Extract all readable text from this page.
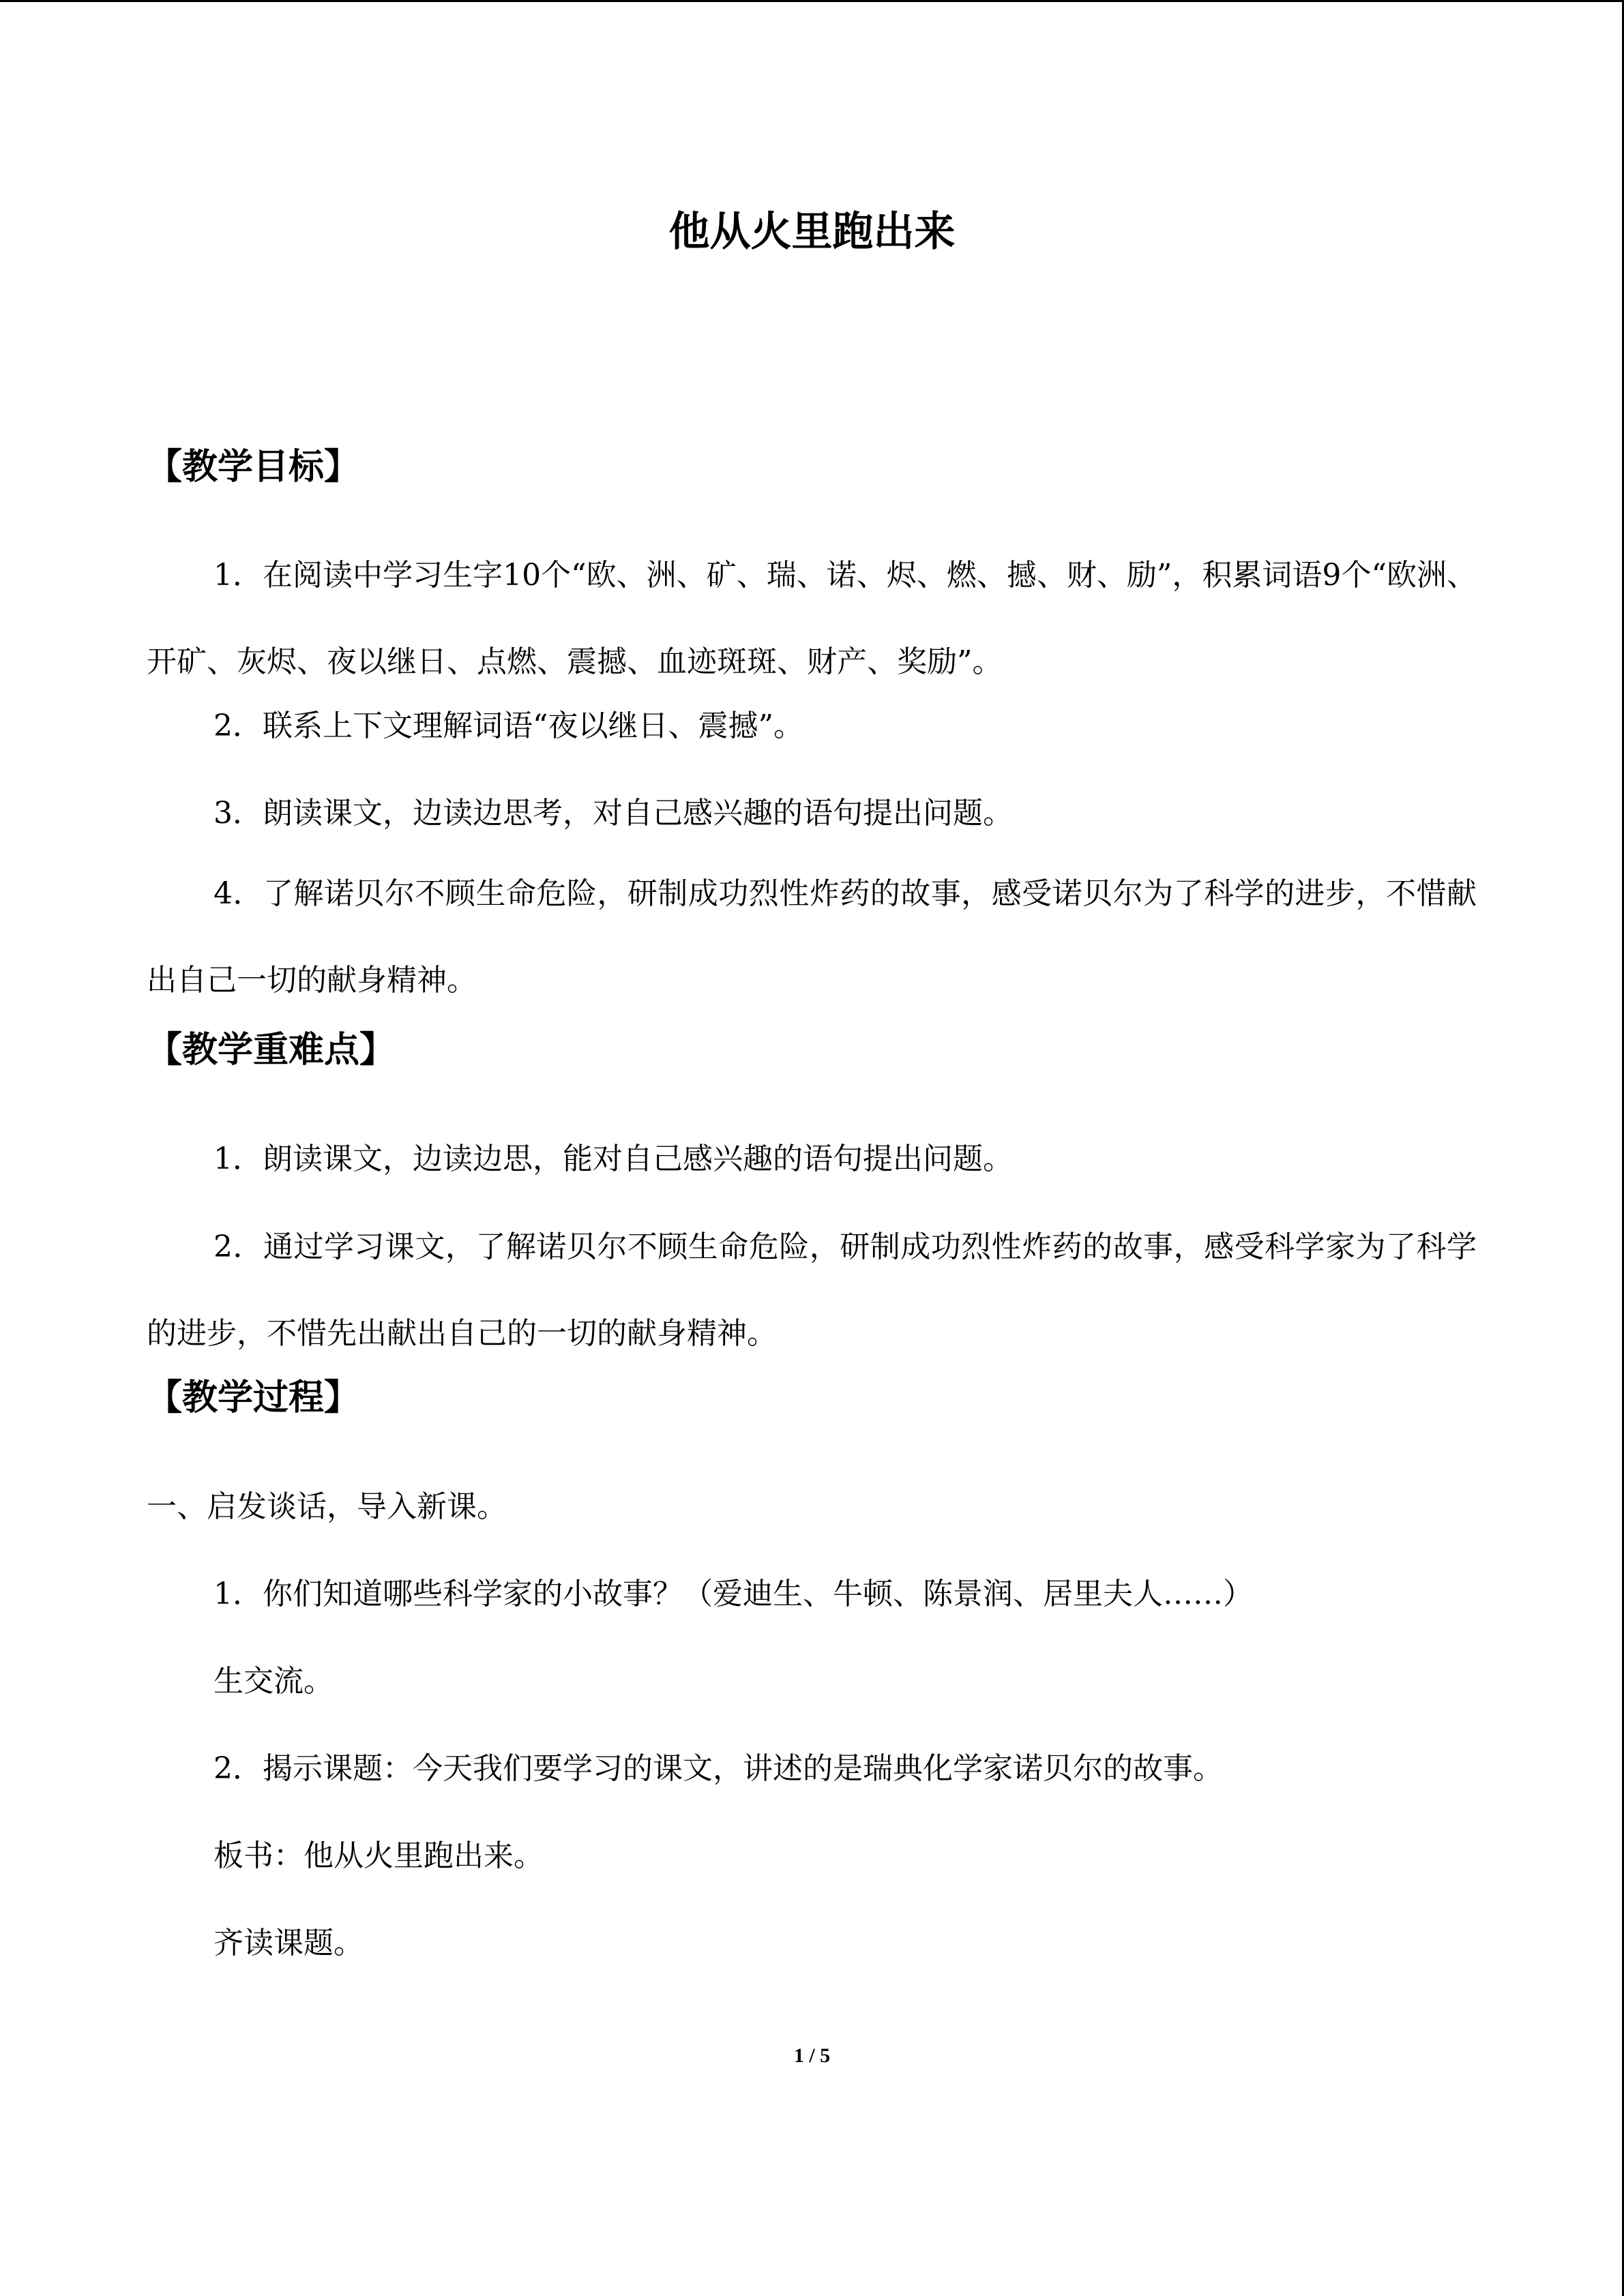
他从火里跑出来
【教学目标】

1．在阅读中学习生字10个“欧、洲、矿、瑞、诺、烬、燃、撼、财、励”，积累词语9个“欧洲、开矿、灰烬、夜以继日、点燃、震撼、血迹斑斑、财产、奖励”。

2．联系上下文理解词语“夜以继日、震撼”。

3．朗读课文，边读边思考，对自己感兴趣的语句提出问题。

4．了解诺贝尔不顾生命危险，研制成功烈性炸药的故事，感受诺贝尔为了科学的进步，不惜献出自己一切的献身精神。

【教学重难点】

1．朗读课文，边读边思，能对自己感兴趣的语句提出问题。

2．通过学习课文，了解诺贝尔不顾生命危险，研制成功烈性炸药的故事，感受科学家为了科学的进步，不惜先出献出自己的一切的献身精神。

【教学过程】

一、启发谈话，导入新课。

1．你们知道哪些科学家的小故事？（爱迪生、牛顿、陈景润、居里夫人……）

生交流。

2．揭示课题：今天我们要学习的课文，讲述的是瑞典化学家诺贝尔的故事。

板书：他从火里跑出来。

齐读课题。

1 / 5
